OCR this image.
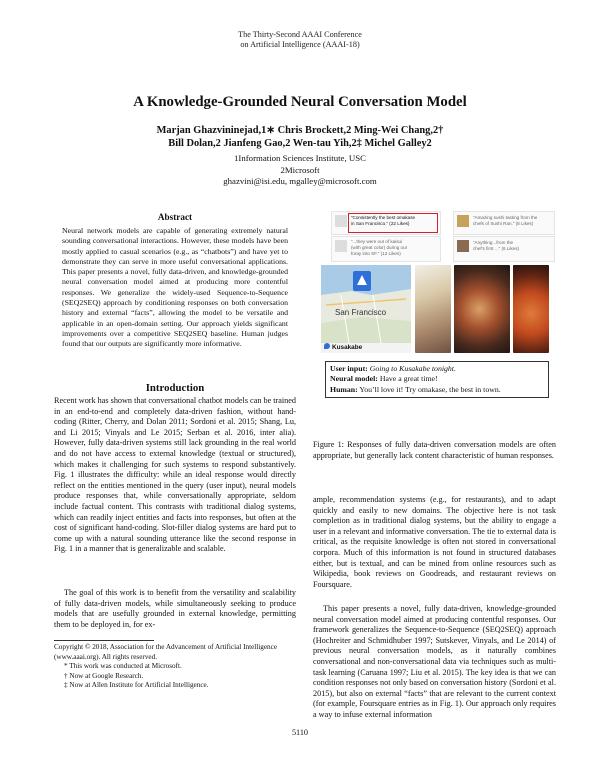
The Thirty-Second AAAI Conference
on Artificial Intelligence (AAAI-18)
A Knowledge-Grounded Neural Conversation Model
Marjan Ghazvininejad,1∗ Chris Brockett,2 Ming-Wei Chang,2†
Bill Dolan,2 Jianfeng Gao,2 Wen-tau Yih,2‡ Michel Galley2
1Information Sciences Institute, USC
2Microsoft
ghazvini@isi.edu, mgalley@microsoft.com
Abstract
Neural network models are capable of generating extremely natural sounding conversational interactions. However, these models have been mostly applied to casual scenarios (e.g., as “chatbots”) and have yet to demonstrate they can serve in more useful conversational applications. This paper presents a novel, fully data-driven, and knowledge-grounded neural conversation model aimed at producing more contentful responses. We generalize the widely-used Sequence-to-Sequence (SEQ2SEQ) approach by conditioning responses on both conversation history and external “facts”, allowing the model to be versatile and applicable in an open-domain setting. Our approach yields significant improvements over a competitive SEQ2SEQ baseline. Human judges found that our outputs are significantly more informative.
Introduction
Recent work has shown that conversational chatbot models can be trained in an end-to-end and completely data-driven fashion, without hand-coding (Ritter, Cherry, and Dolan 2011; Sordoni et al. 2015; Shang, Lu, and Li 2015; Vinyals and Le 2015; Serban et al. 2016, inter alia). However, fully data-driven systems still lack grounding in the real world and do not have access to external knowledge (textual or structured), which makes it challenging for such systems to respond substantively. Fig. 1 illustrates the difficulty: while an ideal response would directly reflect on the entities mentioned in the query (user input), neural models produce responses that, while conversationally appropriate, seldom include factual content. This contrasts with traditional dialog systems, which can readily inject entities and facts into responses, but often at the cost of significant hand-coding. Slot-filler dialog systems are hard put to come up with a natural sounding utterance like the second response in Fig. 1 in a manner that is generalizable and scalable.
The goal of this work is to benefit from the versatility and scalability of fully data-driven models, while simultaneously seeking to produce models that are usefully grounded in external knowledge, permitting them to be deployed in, for ex-
Copyright © 2018, Association for the Advancement of Artificial Intelligence (www.aaai.org). All rights reserved.
* This work was conducted at Microsoft.
† Now at Google Research.
‡ Now at Allen Institute for Artificial Intelligence.
“Consistently the best omakase
in San Francisco.” (22 Likes)
“...they were out of kaisui
(with great color) during our
foray into SF.” (12 Likes)
“Amazing sushi tasting from the
chefs of Sushi Ran.” (8 Likes)
“Anything...from the
chef's first ...” (6 Likes)
San Francisco
Kusakabe
User input: Going to Kusakabe tonight.
Neural model: Have a great time!
Human: You’ll love it! Try omakase, the best in town.
Figure 1: Responses of fully data-driven conversation models are often appropriate, but generally lack content characteristic of human responses.
ample, recommendation systems (e.g., for restaurants), and to adapt quickly and easily to new domains. The objective here is not task completion as in traditional dialog systems, but the ability to engage a user in a relevant and informative conversation. The tie to external data is critical, as the requisite knowledge is often not stored in conversational corpora. Much of this information is not found in structured databases either, but is textual, and can be mined from online resources such as Wikipedia, book reviews on Goodreads, and restaurant reviews on Foursquare.
This paper presents a novel, fully data-driven, knowledge-grounded neural conversation model aimed at producing contentful responses. Our framework generalizes the Sequence-to-Sequence (SEQ2SEQ) approach (Hochreiter and Schmidhuber 1997; Sutskever, Vinyals, and Le 2014) of previous neural conversation models, as it naturally combines conversational and non-conversational data via techniques such as multi-task learning (Caruana 1997; Liu et al. 2015). The key idea is that we can condition responses not only based on conversation history (Sordoni et al. 2015), but also on external “facts” that are relevant to the current context (for example, Foursquare entries as in Fig. 1). Our approach only requires a way to infuse external information
5110
